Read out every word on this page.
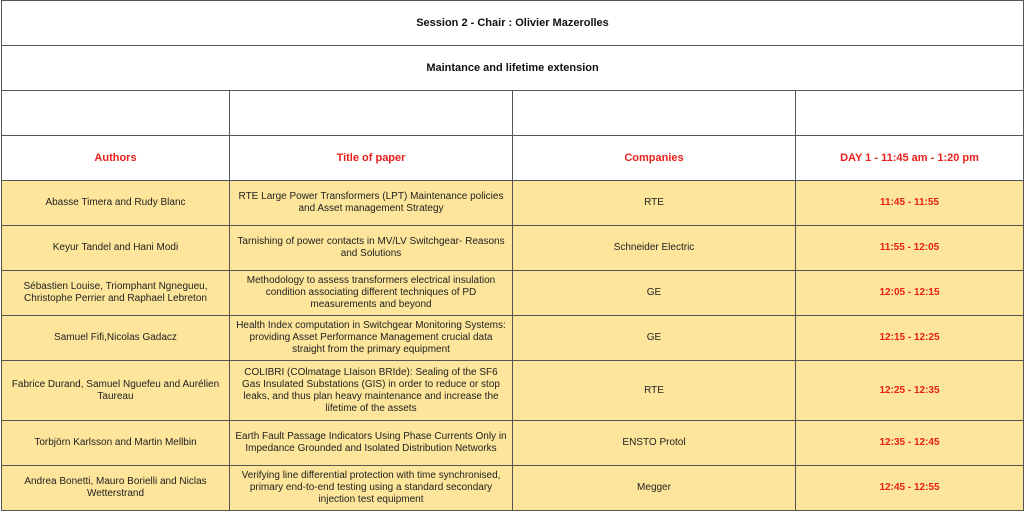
Session 2 - Chair : Olivier Mazerolles			
Maintance and lifetime extension			

Authors	Title of paper	Companies	DAY 1 - 11:45 am - 1:20 pm
Abasse Timera and Rudy Blanc	RTE Large Power Transformers (LPT) Maintenance policies and Asset management Strategy	RTE	11:45 - 11:55
Keyur Tandel and Hani Modi	Tarnishing of power contacts in MV/LV Switchgear- Reasons and Solutions	Schneider Electric	11:55 - 12:05
Sébastien Louise, Triomphant Ngnegueu, Christophe Perrier and Raphael Lebreton	Methodology to assess transformers electrical insulation condition associating different techniques of PD measurements and beyond	GE	12:05 - 12:15
Samuel Fifi,Nicolas Gadacz	Health Index computation in Switchgear Monitoring Systems: providing Asset Performance Management crucial data straight from the primary equipment	GE	12:15 - 12:25
Fabrice Durand, Samuel Nguefeu and Aurélien Taureau	COLIBRI (COlmatage LIaison BRIde): Sealing of the SF6 Gas Insulated Substations (GIS) in order to reduce or stop leaks, and thus plan heavy maintenance and increase the lifetime of the assets	RTE	12:25 - 12:35
Torbjörn Karlsson and Martin Mellbin	Earth Fault Passage Indicators Using Phase Currents Only in Impedance Grounded and Isolated Distribution Networks	ENSTO Protol	12:35 - 12:45
Andrea Bonetti, Mauro Borielli and Niclas Wetterstrand	Verifying line differential protection with time synchronised, primary end-to-end testing using a standard secondary injection test equipment	Megger	12:45 - 12:55
